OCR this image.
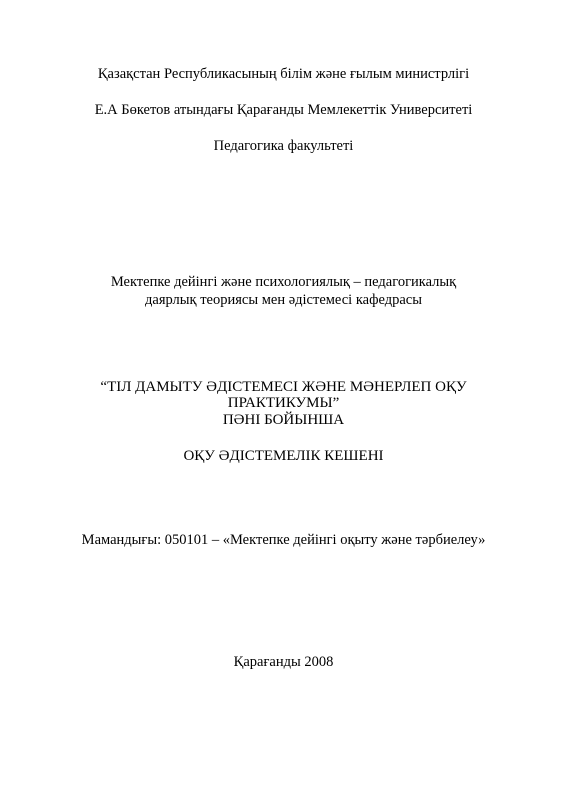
Қазақстан Республикасының білім және ғылым министрлігі
Е.А Бөкетов атындағы Қарағанды Мемлекеттік Университеті
Педагогика факультеті
Мектепке дейінгі және психологиялық – педагогикалық
даярлық теориясы мен әдістемесі кафедрасы
“ТІЛ ДАМЫТУ ӘДІСТЕМЕСІ ЖӘНЕ МӘНЕРЛЕП ОҚУ
ПРАКТИКУМЫ”
ПӘНІ БОЙЫНША
ОҚУ ӘДІСТЕМЕЛІК КЕШЕНІ
Мамандығы: 050101 – «Мектепке дейінгі оқыту және тәрбиелеу»
Қарағанды 2008
